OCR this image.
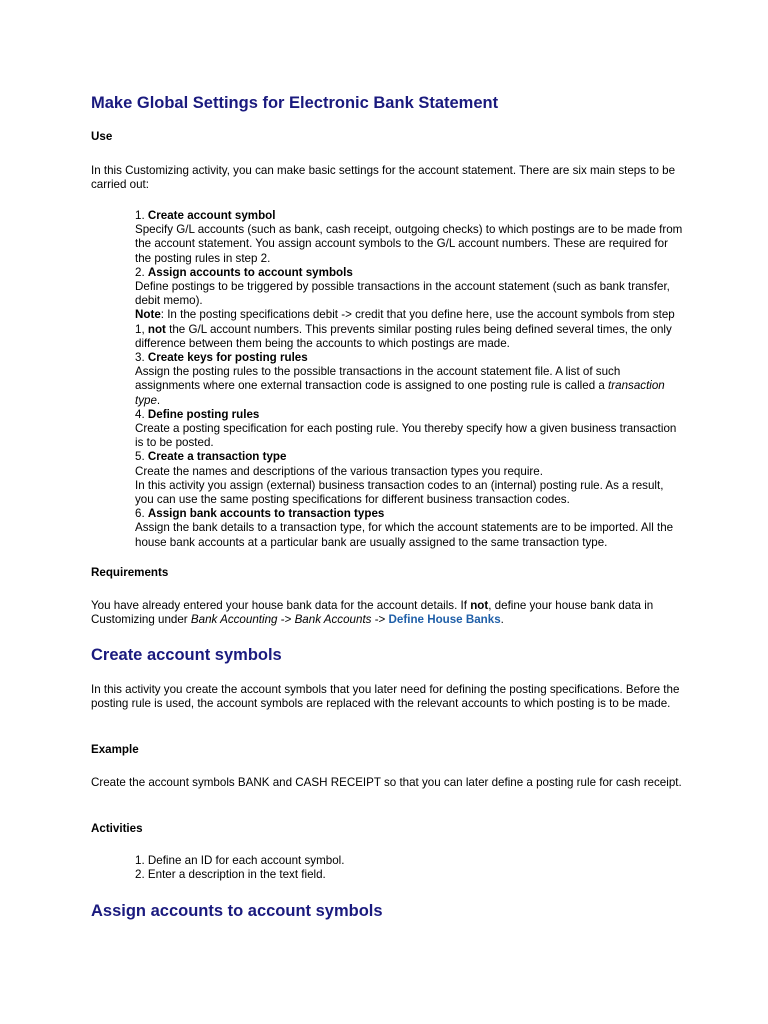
Make Global Settings for Electronic Bank Statement
Use
In this Customizing activity, you can make basic settings for the account statement. There are six main steps to be carried out:

1. Create account symbol

Specify G/L accounts (such as bank, cash receipt, outgoing checks) to which postings are to be made from the account statement. You assign account symbols to the G/L account numbers. These are required for the posting rules in step 2.

2. Assign accounts to account symbols

Define postings to be triggered by possible transactions in the account statement (such as bank transfer, debit memo).

Note: In the posting specifications debit -> credit that you define here, use the account symbols from step 1, not the G/L account numbers. This prevents similar posting rules being defined several times, the only difference between them being the accounts to which postings are made.

3. Create keys for posting rules

Assign the posting rules to the possible transactions in the account statement file. A list of such assignments where one external transaction code is assigned to one posting rule is called a transaction type.

4. Define posting rules

Create a posting specification for each posting rule. You thereby specify how a given business transaction is to be posted.

5. Create a transaction type

Create the names and descriptions of the various transaction types you require.

In this activity you assign (external) business transaction codes to an (internal) posting rule. As a result, you can use the same posting specifications for different business transaction codes.

6. Assign bank accounts to transaction types

Assign the bank details to a transaction type, for which the account statements are to be imported. All the house bank accounts at a particular bank are usually assigned to the same transaction type.

Requirements
You have already entered your house bank data for the account details. If not, define your house bank data in Customizing under Bank Accounting -> Bank Accounts -> Define House Banks.
Create account symbols
In this activity you create the account symbols that you later need for defining the posting specifications. Before the posting rule is used, the account symbols are replaced with the relevant accounts to which posting is to be made.
Example
Create the account symbols BANK and CASH RECEIPT so that you can later define a posting rule for cash receipt.
Activities
1. Define an ID for each account symbol.
2. Enter a description in the text field.
Assign accounts to account symbols
